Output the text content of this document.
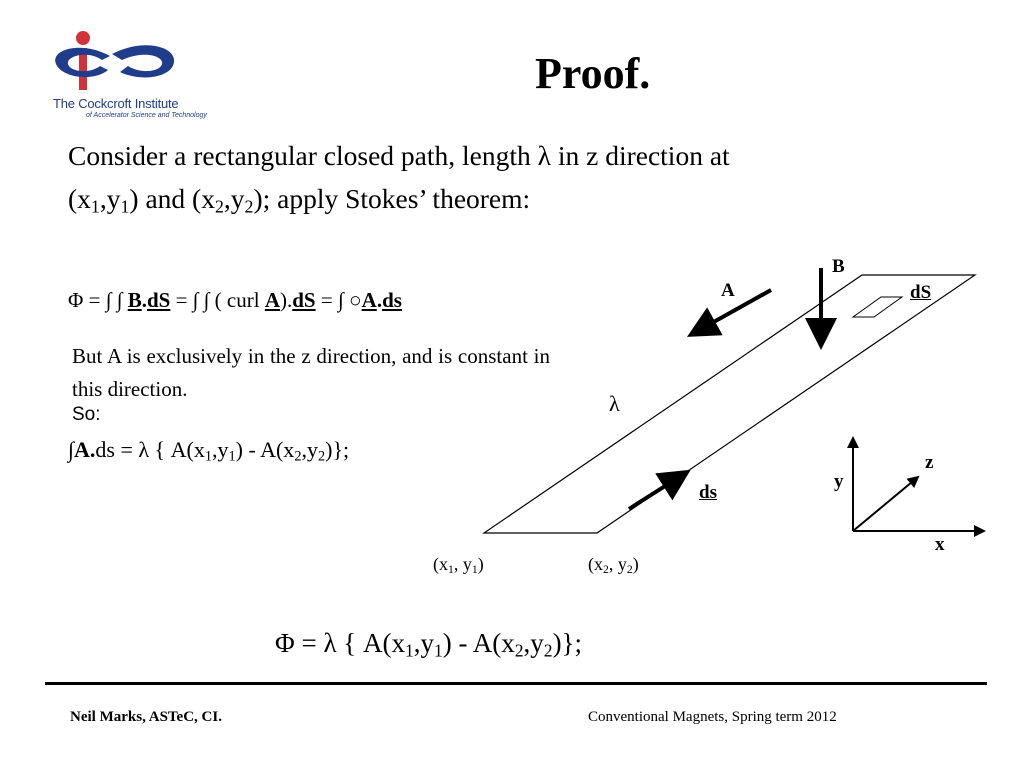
The Cockcroft Institute
of Accelerator Science and Technology
Proof.
Consider a rectangular closed path, length λ in z direction at
$(x_1,y_1)$ and $(x_2,y_2)$; apply Stokes’ theorem:
Φ = ∫ ∫ B.dS = ∫ ∫ ( curl A).dS = ∫ ○A.ds
But A is exclusively in the z direction, and is constant in this direction.
So:
∫A.ds = λ { $A(x_1,y_1) - A(x_2,y_2)$};
B
A	dS
λ
ds
($x_1$, $y_1$)	($x_2$, $y_2$)
y
z
x
Φ = λ { $A(x_1,y_1) - A(x_2,y_2)$};
Neil Marks, ASTeC, CI.	Conventional Magnets, Spring term 2012
